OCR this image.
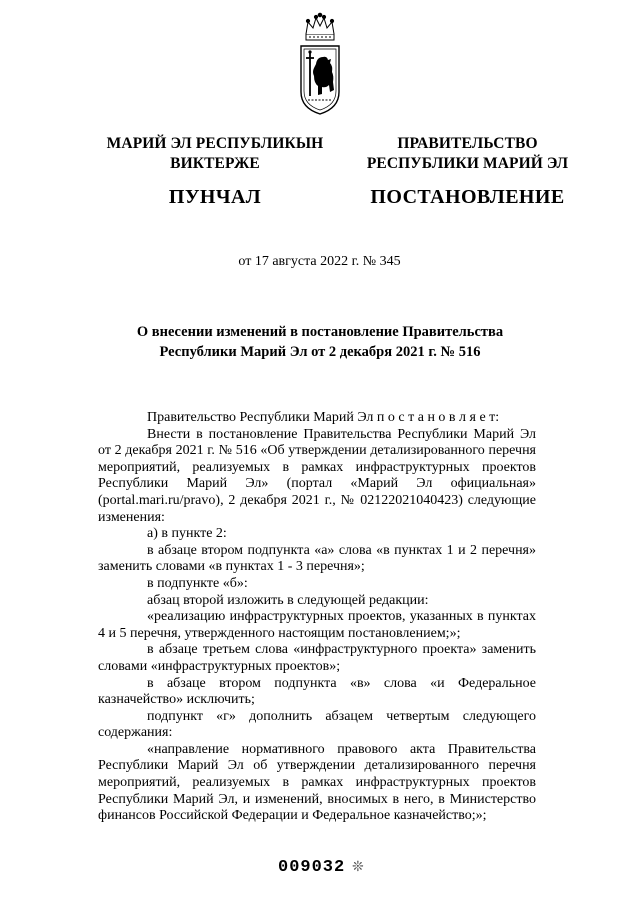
МАРИЙ ЭЛ РЕСПУБЛИКЫН
ВИКТЕРЖЕ
ПУНЧАЛ
ПРАВИТЕЛЬСТВО
РЕСПУБЛИКИ МАРИЙ ЭЛ
ПОСТАНОВЛЕНИЕ
от 17 августа 2022 г. № 345
О внесении изменений в постановление Правительства
Республики Марий Эл от 2 декабря 2021 г. № 516

Правительство Республики Марий Эл п о с т а н о в л я е т:

Внести в постановление Правительства Республики Марий Эл от 2 декабря 2021 г. № 516 «Об утверждении детализированного перечня мероприятий, реализуемых в рамках инфраструктурных проектов Республики Марий Эл» (портал «Марий Эл официальная» (portal.mari.ru/pravo), 2 декабря 2021 г., № 02122021040423) следующие изменения:

а) в пункте 2:

в абзаце втором подпункта «а» слова «в пунктах 1 и 2 перечня» заменить словами «в пунктах 1 - 3 перечня»;

в подпункте «б»:

абзац второй изложить в следующей редакции:

«реализацию инфраструктурных проектов, указанных в пунктах 4 и 5 перечня, утвержденного настоящим постановлением;»;

в абзаце третьем слова «инфраструктурного проекта» заменить словами «инфраструктурных проектов»;

в абзаце втором подпункта «в» слова «и Федеральное казначейство» исключить;

подпункт «г» дополнить абзацем четвертым следующего содержания:

«направление нормативного правового акта Правительства Республики Марий Эл об утверждении детализированного перечня мероприятий, реализуемых в рамках инфраструктурных проектов Республики Марий Эл, и изменений, вносимых в него, в Министерство финансов Российской Федерации и Федеральное казначейство;»;

009032 ❊
